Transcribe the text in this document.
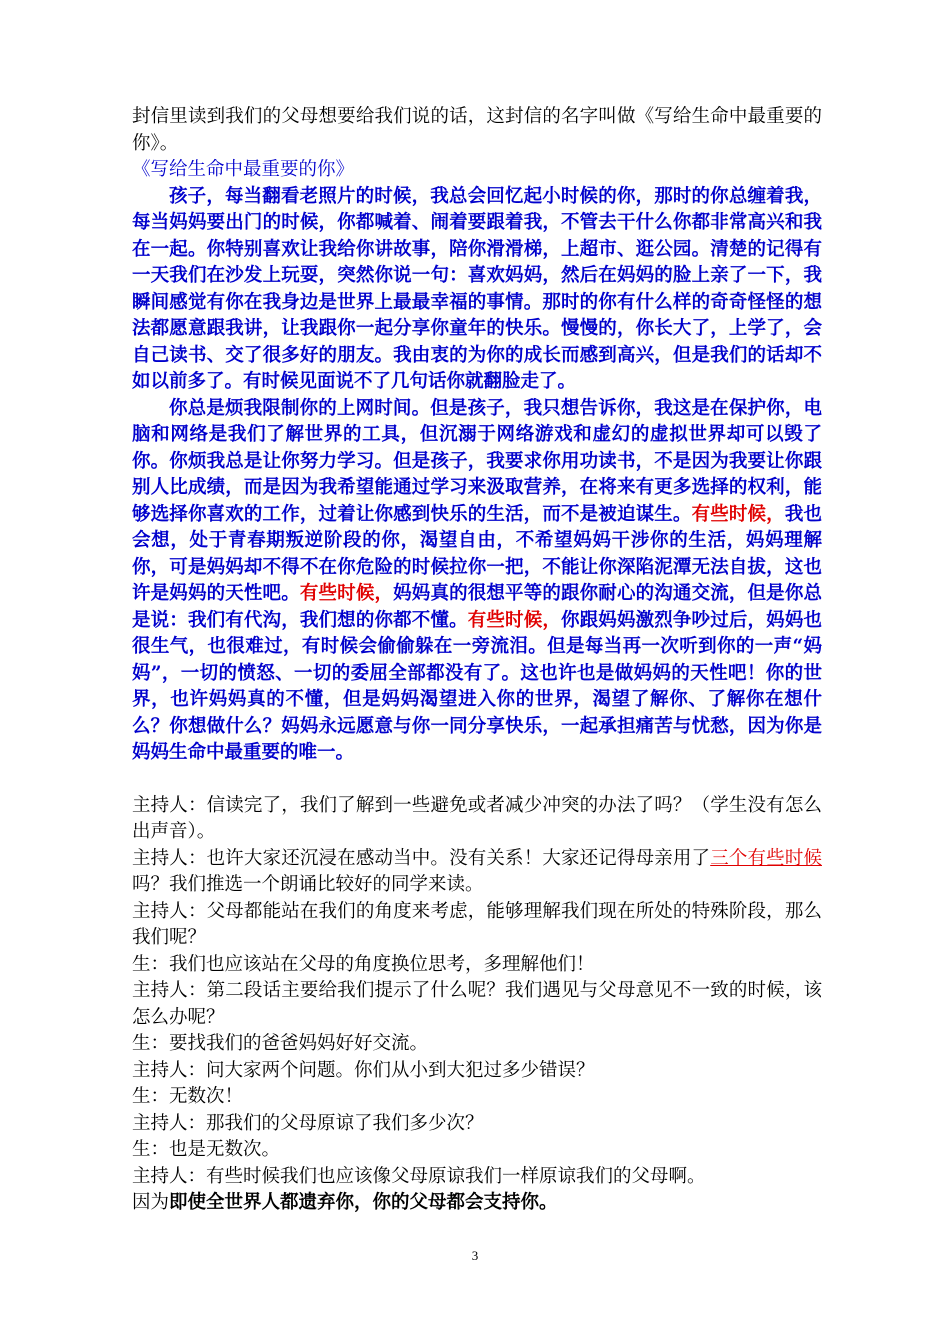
封信里读到我们的父母想要给我们说的话，这封信的名字叫做《写给生命中最重要的你》。

《写给生命中最重要的你》

孩子，每当翻看老照片的时候，我总会回忆起小时候的你，那时的你总缠着我，每当妈妈要出门的时候，你都喊着、闹着要跟着我，不管去干什么你都非常高兴和我在一起。你特别喜欢让我给你讲故事，陪你滑滑梯，上超市、逛公园。清楚的记得有一天我们在沙发上玩耍，突然你说一句：喜欢妈妈，然后在妈妈的脸上亲了一下，我瞬间感觉有你在我身边是世界上最最幸福的事情。那时的你有什么样的奇奇怪怪的想法都愿意跟我讲，让我跟你一起分享你童年的快乐。慢慢的，你长大了，上学了，会自己读书、交了很多好的朋友。我由衷的为你的成长而感到高兴，但是我们的话却不如以前多了。有时候见面说不了几句话你就翻脸走了。

你总是烦我限制你的上网时间。但是孩子，我只想告诉你，我这是在保护你，电脑和网络是我们了解世界的工具，但沉溺于网络游戏和虚幻的虚拟世界却可以毁了你。你烦我总是让你努力学习。但是孩子，我要求你用功读书，不是因为我要让你跟别人比成绩，而是因为我希望能通过学习来汲取营养，在将来有更多选择的权利，能够选择你喜欢的工作，过着让你感到快乐的生活，而不是被迫谋生。有些时候，我也会想，处于青春期叛逆阶段的你，渴望自由，不希望妈妈干涉你的生活，妈妈理解你，可是妈妈却不得不在你危险的时候拉你一把，不能让你深陷泥潭无法自拔，这也许是妈妈的天性吧。有些时候，妈妈真的很想平等的跟你耐心的沟通交流，但是你总是说：我们有代沟，我们想的你都不懂。有些时候，你跟妈妈激烈争吵过后，妈妈也很生气，也很难过，有时候会偷偷躲在一旁流泪。但是每当再一次听到你的一声“妈妈”，一切的愤怒、一切的委屈全部都没有了。这也许也是做妈妈的天性吧！你的世界，也许妈妈真的不懂，但是妈妈渴望进入你的世界，渴望了解你、了解你在想什么？你想做什么？妈妈永远愿意与你一同分享快乐，一起承担痛苦与忧愁，因为你是妈妈生命中最重要的唯一。

主持人：信读完了，我们了解到一些避免或者减少冲突的办法了吗？（学生没有怎么出声音）。

主持人：也许大家还沉浸在感动当中。没有关系！大家还记得母亲用了三个有些时候吗？我们推选一个朗诵比较好的同学来读。

主持人：父母都能站在我们的角度来考虑，能够理解我们现在所处的特殊阶段，那么我们呢？

生：我们也应该站在父母的角度换位思考，多理解他们！

主持人：第二段话主要给我们提示了什么呢？我们遇见与父母意见不一致的时候，该怎么办呢？

生：要找我们的爸爸妈妈好好交流。

主持人：问大家两个问题。你们从小到大犯过多少错误？

生：无数次！

主持人：那我们的父母原谅了我们多少次？

生：也是无数次。

主持人：有些时候我们也应该像父母原谅我们一样原谅我们的父母啊。

因为即使全世界人都遗弃你，你的父母都会支持你。

3
